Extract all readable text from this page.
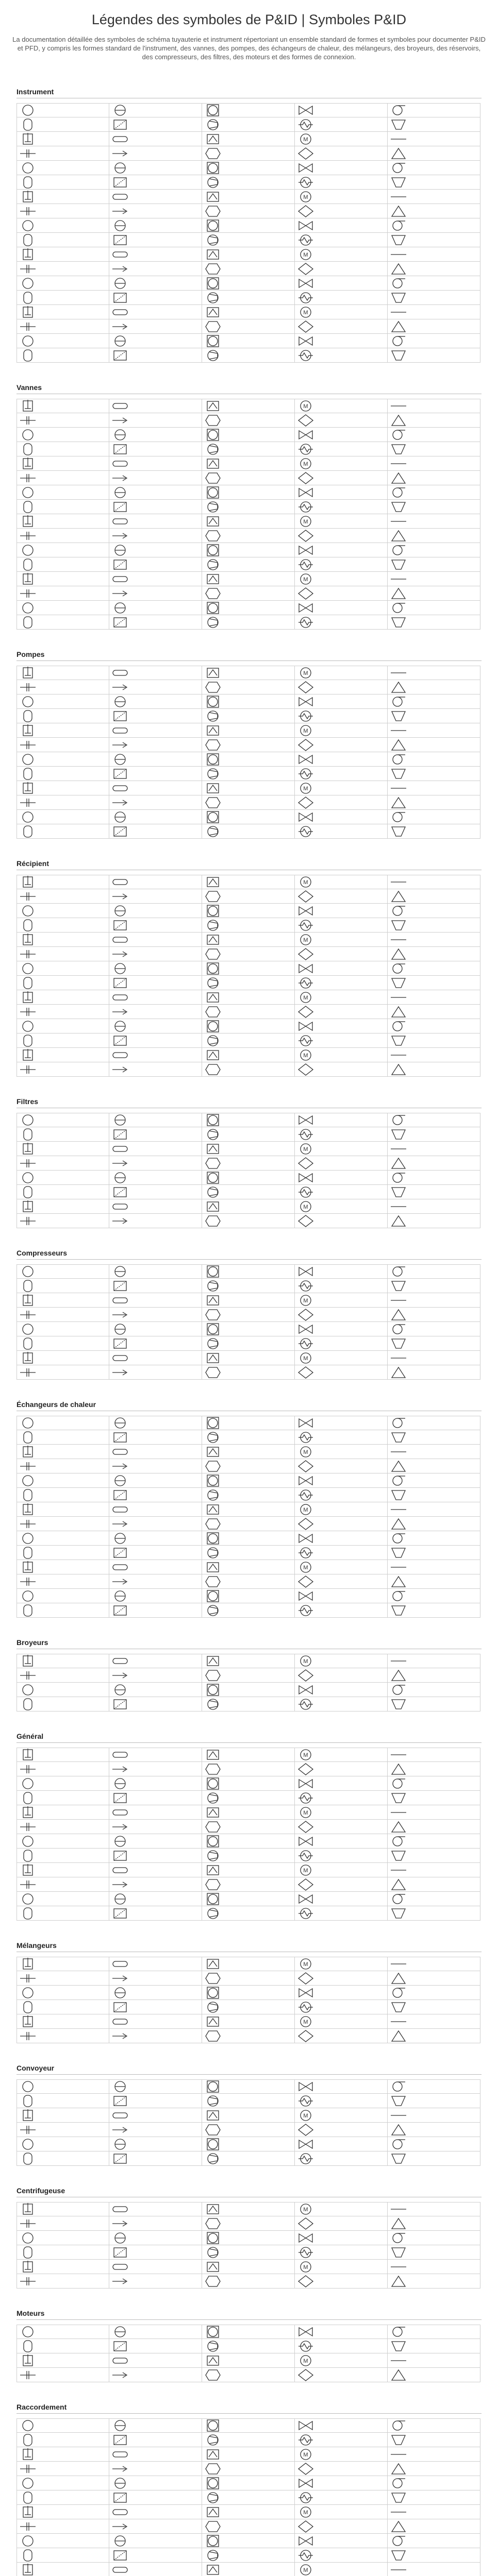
Légendes des symboles de P&ID | Symboles P&ID

La documentation détaillée des symboles de schéma tuyauterie et instrument répertoriant un ensemble standard de formes et symboles pour documenter P&ID et PFD, y compris les formes standard de l'instrument, des vannes, des pompes, des échangeurs de chaleur, des mélangeurs, des broyeurs, des réservoirs, des compresseurs, des filtres, des moteurs et des formes de connexion.

Instrument
M
M
M
M
Vannes
M
M
M
M
Pompes
M
M
M
Récipient
M
M
M
M
Filtres
M
M
Compresseurs
M
M
Échangeurs de chaleur
M
M
M
Broyeurs
M
Général
M
M
M
Mélangeurs
M
M
Convoyeur
M
Centrifugeuse
M
M
Moteurs
M
Raccordement
M
M
M
